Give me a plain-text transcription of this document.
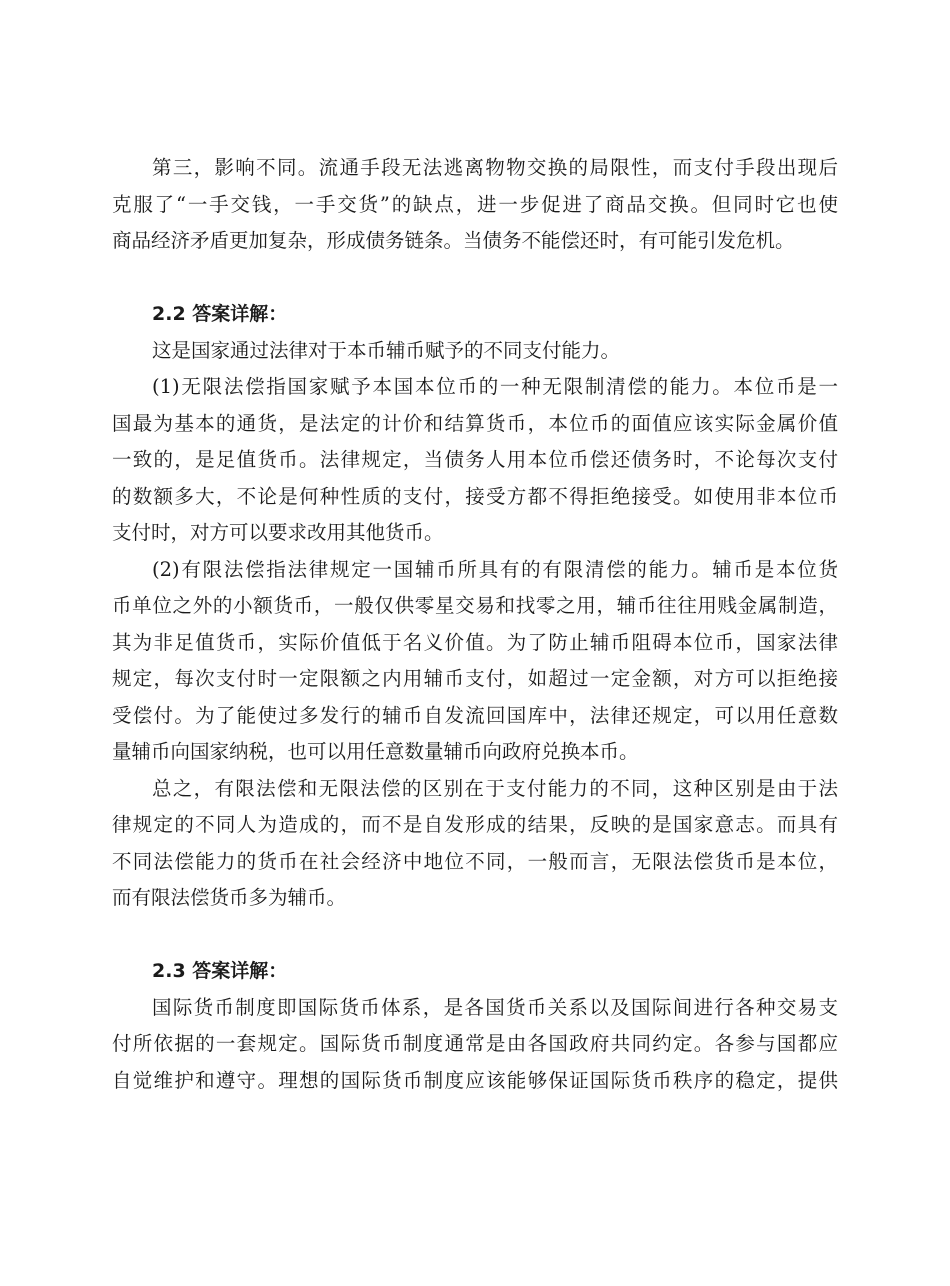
第三，影响不同。流通手段无法逃离物物交换的局限性，而支付手段出现后
克服了“一手交钱，一手交货”的缺点，进一步促进了商品交换。但同时它也使
商品经济矛盾更加复杂，形成债务链条。当债务不能偿还时，有可能引发危机。
2.2 答案详解：
这是国家通过法律对于本币辅币赋予的不同支付能力。
(1)无限法偿指国家赋予本国本位币的一种无限制清偿的能力。本位币是一
国最为基本的通货，是法定的计价和结算货币，本位币的面值应该实际金属价值
一致的，是足值货币。法律规定，当债务人用本位币偿还债务时，不论每次支付
的数额多大，不论是何种性质的支付，接受方都不得拒绝接受。如使用非本位币
支付时，对方可以要求改用其他货币。
(2)有限法偿指法律规定一国辅币所具有的有限清偿的能力。辅币是本位货
币单位之外的小额货币，一般仅供零星交易和找零之用，辅币往往用贱金属制造，
其为非足值货币，实际价值低于名义价值。为了防止辅币阻碍本位币，国家法律
规定，每次支付时一定限额之内用辅币支付，如超过一定金额，对方可以拒绝接
受偿付。为了能使过多发行的辅币自发流回国库中，法律还规定，可以用任意数
量辅币向国家纳税，也可以用任意数量辅币向政府兑换本币。
总之，有限法偿和无限法偿的区别在于支付能力的不同，这种区别是由于法
律规定的不同人为造成的，而不是自发形成的结果，反映的是国家意志。而具有
不同法偿能力的货币在社会经济中地位不同，一般而言，无限法偿货币是本位，
而有限法偿货币多为辅币。
2.3 答案详解：
国际货币制度即国际货币体系，是各国货币关系以及国际间进行各种交易支
付所依据的一套规定。国际货币制度通常是由各国政府共同约定。各参与国都应
自觉维护和遵守。理想的国际货币制度应该能够保证国际货币秩序的稳定，提供
